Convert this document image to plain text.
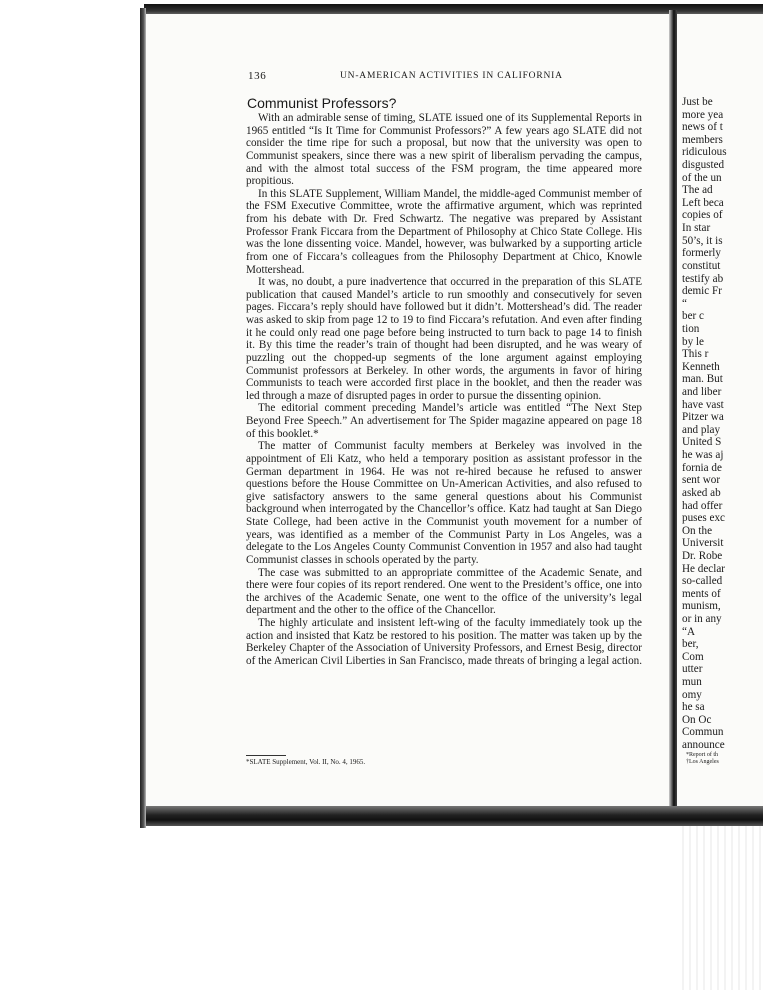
136	UN-AMERICAN ACTIVITIES IN CALIFORNIA
Communist Professors?

With an admirable sense of timing, SLATE issued one of its Supplemental Reports in 1965 entitled “Is It Time for Communist Professors?” A few years ago SLATE did not consider the time ripe for such a proposal, but now that the university was open to Communist speakers, since there was a new spirit of liberalism pervading the campus, and with the almost total success of the FSM program, the time appeared more propitious.

In this SLATE Supplement, William Mandel, the middle-aged Communist member of the FSM Executive Committee, wrote the affirmative argument, which was reprinted from his debate with Dr. Fred Schwartz. The negative was prepared by Assistant Professor Frank Ficcara from the Department of Philosophy at Chico State College. His was the lone dissenting voice. Mandel, however, was bulwarked by a supporting article from one of Ficcara’s colleagues from the Philosophy Department at Chico, Knowle Mottershead.

It was, no doubt, a pure inadvertence that occurred in the preparation of this SLATE publication that caused Mandel’s article to run smoothly and consecutively for seven pages. Ficcara’s reply should have followed but it didn’t. Mottershead’s did. The reader was asked to skip from page 12 to 19 to find Ficcara’s refutation. And even after finding it he could only read one page before being instructed to turn back to page 14 to finish it. By this time the reader’s train of thought had been disrupted, and he was weary of puzzling out the chopped-up segments of the lone argument against employing Communist professors at Berkeley. In other words, the arguments in favor of hiring Communists to teach were accorded first place in the booklet, and then the reader was led through a maze of disrupted pages in order to pursue the dissenting opinion.

The editorial comment preceding Mandel’s article was entitled “The Next Step Beyond Free Speech.” An advertisement for The Spider magazine appeared on page 18 of this booklet.*

The matter of Communist faculty members at Berkeley was involved in the appointment of Eli Katz, who held a temporary position as assistant professor in the German department in 1964. He was not re-hired because he refused to answer questions before the House Committee on Un-American Activities, and also refused to give satisfactory answers to the same general questions about his Communist background when interrogated by the Chancellor’s office. Katz had taught at San Diego State College, had been active in the Communist youth movement for a number of years, was identified as a member of the Communist Party in Los Angeles, was a delegate to the Los Angeles County Communist Convention in 1957 and also had taught Communist classes in schools operated by the party.

The case was submitted to an appropriate committee of the Academic Senate, and there were four copies of its report rendered. One went to the President’s office, one into the archives of the Academic Senate, one went to the office of the university’s legal department and the other to the office of the Chancellor.

The highly articulate and insistent left-wing of the faculty immediately took up the action and insisted that Katz be restored to his position. The matter was taken up by the Berkeley Chapter of the Association of University Professors, and Ernest Besig, director of the American Civil Liberties in San Francisco, made threats of bringing a legal action.

*SLATE Supplement, Vol. II, No. 4, 1965.
Just be
more yea
news of t
members
ridiculous
disgusted
of the un
The ad
Left beca
copies of
In star
50’s, it is
formerly
constitut
testify ab
demic Fr
“
ber c
tion
by le
This r
Kenneth
man. But
and liber
have vast
Pitzer wa
and play
United S
he was aj
fornia de
sent wor
asked ab
had offer
puses exc
On the
Universit
Dr. Robe
He declar
so-called
ments of
munism,
or in any
“A
ber,
Com
utter
mun
omy
he sa
On Oc
Commun
announce
*Report of th
†Los Angeles
